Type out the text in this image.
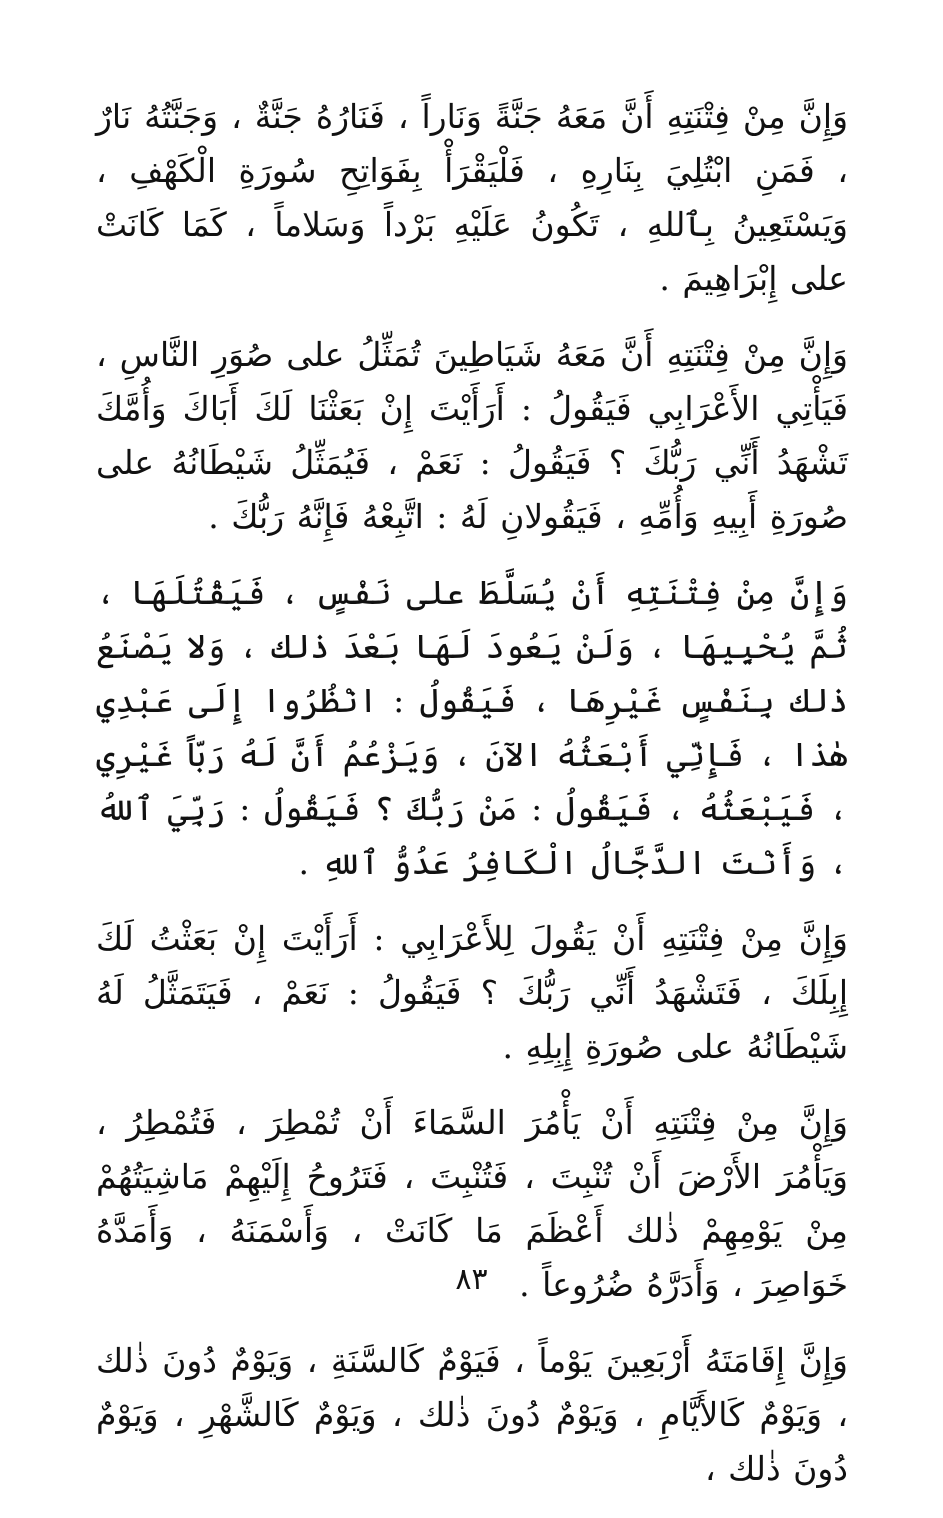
وَإِنَّ مِنْ فِتْنَتِهِ أَنَّ مَعَهُ جَنَّةً وَنَاراً ، فَنَارُهُ جَنَّةٌ ، وَجَنَّتُهُ نَارٌ ، فَمَنِ ابْتُلِيَ بِنَارِهِ ، فَلْيَقْرَأْ بِفَوَاتِحِ سُورَةِ الْكَهْفِ ، وَيَسْتَعِينُ بِٱللهِ ، تَكُونُ عَلَيْهِ بَرْداً وَسَلاماً ، كَمَا كَانَتْ على إِبْرَاهِيمَ .

وَإِنَّ مِنْ فِتْنَتِهِ أَنَّ مَعَهُ شَيَاطِينَ تُمَثِّلُ على صُوَرِ النَّاسِ ، فَيَأْتِي الأَعْرَابِي فَيَقُولُ : أَرَأَيْتَ إِنْ بَعَثْنَا لَكَ أَبَاكَ وَأُمَّكَ تَشْهَدُ أَنِّي رَبُّكَ ؟ فَيَقُولُ : نَعَمْ ، فَيُمَثِّلُ شَيْطَانُهُ على صُورَةِ أَبِيهِ وَأُمِّهِ ، فَيَقُولانِ لَهُ : اتَّبِعْهُ فَإِنَّهُ رَبُّكَ .

وَإِنَّ مِنْ فِتْنَتِهِ أَنْ يُسَلَّطَ على نَفْسٍ ، فَيَقْتُلَهَا ، ثُمَّ يُحْيِيهَا ، وَلَنْ يَعُودَ لَهَا بَعْدَ ذٰلك ، وَلا يَصْنَعُ ذٰلك بِنَفْسٍ غَيْرِهَا ، فَيَقُولُ : انْظُرُوا إِلَى عَبْدِي هٰذا ، فَإِنِّي أَبْعَثُهُ الآنَ ، وَيَزْعُمُ أَنَّ لَهُ رَبّاً غَيْرِي ، فَيَبْعَثُهُ ، فَيَقُولُ : مَنْ رَبُّكَ ؟ فَيَقُولُ : رَبِّيَ ٱللهُ ، وَأَنْتَ الدَّجَّالُ الْكَافِرُ عَدُوُّ ٱللهِ .

وَإِنَّ مِنْ فِتْنَتِهِ أَنْ يَقُولَ لِلأَعْرَابِي : أَرَأَيْتَ إِنْ بَعَثْتُ لَكَ إِبِلَكَ ، فَتَشْهَدُ أَنِّي رَبُّكَ ؟ فَيَقُولُ : نَعَمْ ، فَيَتَمَثَّلُ لَهُ شَيْطَانُهُ على صُورَةِ إِبِلِهِ .

وَإِنَّ مِنْ فِتْنَتِهِ أَنْ يَأْمُرَ السَّمَاءَ أَنْ تُمْطِرَ ، فَتُمْطِرُ ، وَيَأْمُرَ الأَرْضَ أَنْ تُنْبِتَ ، فَتُنْبِتَ ، فَتَرُوحُ إِلَيْهِمْ مَاشِيَتُهُمْ مِنْ يَوْمِهِمْ ذٰلك أَعْظَمَ مَا كَانَتْ ، وَأَسْمَنَهُ ، وَأَمَدَّهُ خَوَاصِرَ ، وَأَدَرَّهُ ضُرُوعاً .

وَإِنَّ إِقَامَتَهُ أَرْبَعِينَ يَوْماً ، فَيَوْمٌ كَالسَّنَةِ ، وَيَوْمٌ دُونَ ذٰلك ، وَيَوْمٌ كَالأَيَّامِ ، وَيَوْمٌ دُونَ ذٰلك ، وَيَوْمٌ كَالشَّهْرِ ، وَيَوْمٌ دُونَ ذٰلك ،

٨٣
